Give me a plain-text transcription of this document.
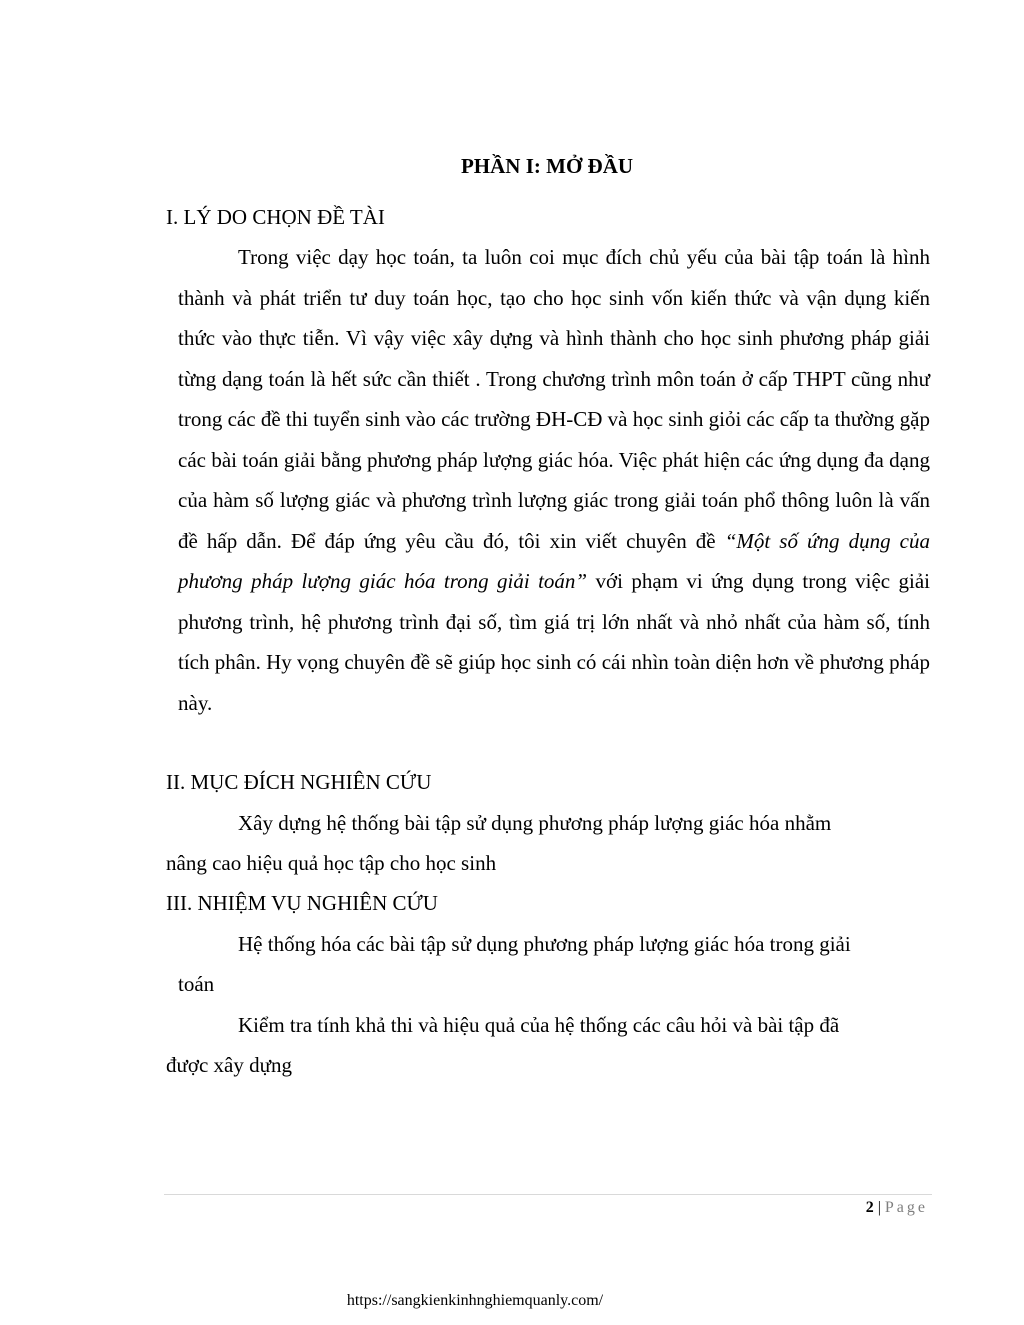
PHẦN I: MỞ ĐẦU
I. LÝ DO CHỌN ĐỀ TÀI

Trong việc dạy học toán, ta luôn coi mục đích chủ yếu của bài tập toán là hình thành và phát triển tư duy toán học, tạo cho học sinh vốn kiến thức và vận dụng kiến thức vào thực tiễn. Vì vậy việc xây dựng và hình thành cho học sinh phương pháp giải từng dạng toán là hết sức cần thiết . Trong chương trình môn toán ở cấp THPT cũng như trong các đề thi tuyển sinh vào các trường ĐH-CĐ và học sinh giỏi các cấp ta thường gặp các bài toán giải bằng phương pháp lượng giác hóa. Việc phát hiện các ứng dụng đa dạng của hàm số lượng giác và phương trình lượng giác trong giải toán phổ thông luôn là vấn đề hấp dẫn. Để đáp ứng yêu cầu đó, tôi xin viết chuyên đề “Một số ứng dụng của phương pháp lượng giác hóa trong giải toán” với phạm vi ứng dụng trong việc giải phương trình, hệ phương trình đại số, tìm giá trị lớn nhất và nhỏ nhất của hàm số, tính tích phân. Hy vọng chuyên đề sẽ giúp học sinh có cái nhìn toàn diện hơn về phương pháp này.

II. MỤC ĐÍCH NGHIÊN CỨU
Xây dựng hệ thống bài tập sử dụng phương pháp lượng giác hóa nhằm
nâng cao hiệu quả học tập cho học sinh
III. NHIỆM VỤ NGHIÊN CỨU
Hệ thống hóa các bài tập sử dụng phương pháp lượng giác hóa trong giải
toán
Kiểm tra tính khả thi và hiệu quả của hệ thống các câu hỏi và bài tập đã
được xây dựng
2 | Page
https://sangkienkinhnghiemquanly.com/
